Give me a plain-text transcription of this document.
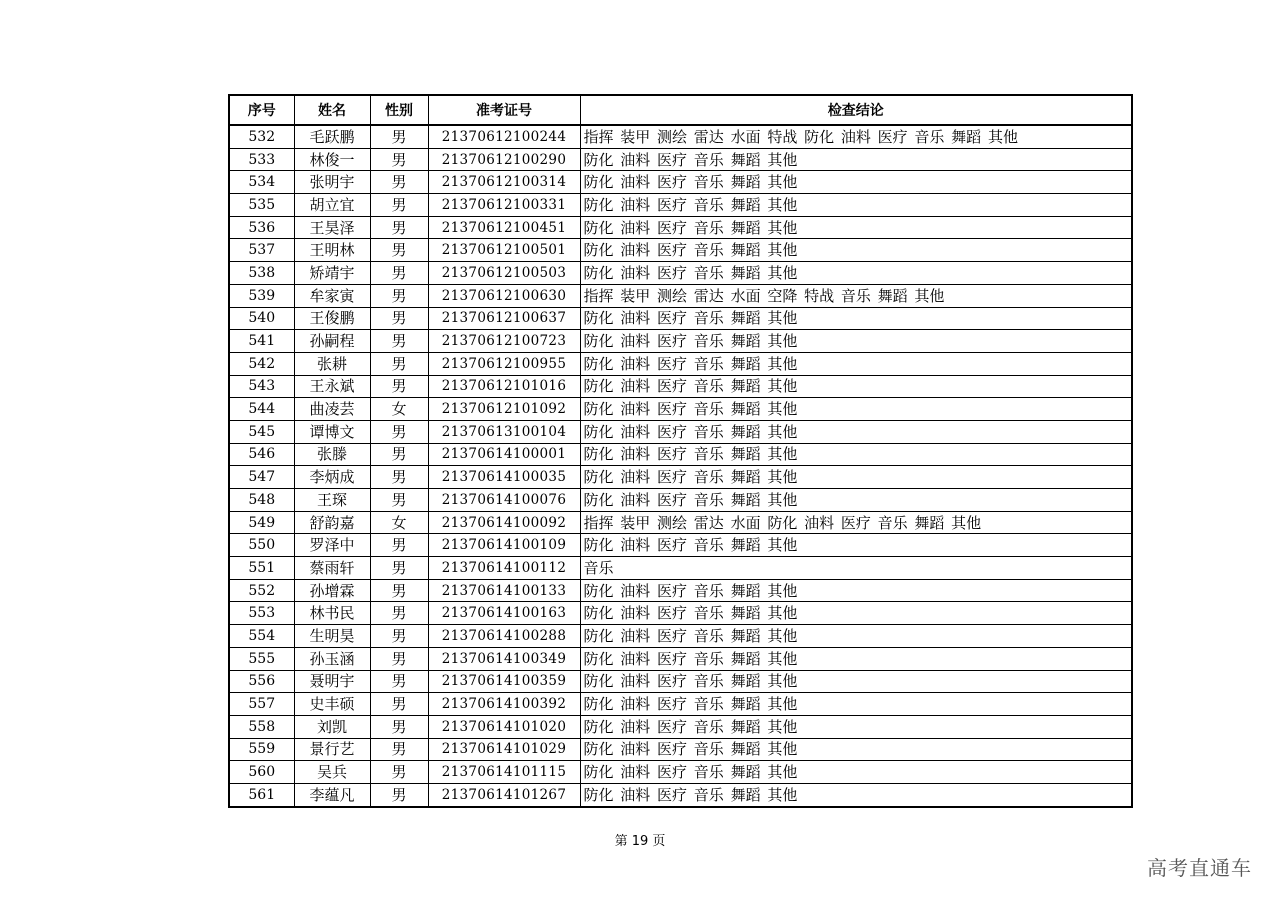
序号	姓名	性别	准考证号	检查结论
532	毛跃鹏	男	21370612100244	指挥 装甲 测绘 雷达 水面 特战 防化 油料 医疗 音乐 舞蹈 其他
533	林俊一	男	21370612100290	防化 油料 医疗 音乐 舞蹈 其他
534	张明宇	男	21370612100314	防化 油料 医疗 音乐 舞蹈 其他
535	胡立宜	男	21370612100331	防化 油料 医疗 音乐 舞蹈 其他
536	王昊泽	男	21370612100451	防化 油料 医疗 音乐 舞蹈 其他
537	王明林	男	21370612100501	防化 油料 医疗 音乐 舞蹈 其他
538	矫靖宇	男	21370612100503	防化 油料 医疗 音乐 舞蹈 其他
539	牟家寅	男	21370612100630	指挥 装甲 测绘 雷达 水面 空降 特战 音乐 舞蹈 其他
540	王俊鹏	男	21370612100637	防化 油料 医疗 音乐 舞蹈 其他
541	孙嗣程	男	21370612100723	防化 油料 医疗 音乐 舞蹈 其他
542	张耕	男	21370612100955	防化 油料 医疗 音乐 舞蹈 其他
543	王永斌	男	21370612101016	防化 油料 医疗 音乐 舞蹈 其他
544	曲凌芸	女	21370612101092	防化 油料 医疗 音乐 舞蹈 其他
545	谭博文	男	21370613100104	防化 油料 医疗 音乐 舞蹈 其他
546	张滕	男	21370614100001	防化 油料 医疗 音乐 舞蹈 其他
547	李炳成	男	21370614100035	防化 油料 医疗 音乐 舞蹈 其他
548	王琛	男	21370614100076	防化 油料 医疗 音乐 舞蹈 其他
549	舒韵嘉	女	21370614100092	指挥 装甲 测绘 雷达 水面 防化 油料 医疗 音乐 舞蹈 其他
550	罗泽中	男	21370614100109	防化 油料 医疗 音乐 舞蹈 其他
551	蔡雨轩	男	21370614100112	音乐
552	孙增霖	男	21370614100133	防化 油料 医疗 音乐 舞蹈 其他
553	林书民	男	21370614100163	防化 油料 医疗 音乐 舞蹈 其他
554	生明昊	男	21370614100288	防化 油料 医疗 音乐 舞蹈 其他
555	孙玉涵	男	21370614100349	防化 油料 医疗 音乐 舞蹈 其他
556	聂明宇	男	21370614100359	防化 油料 医疗 音乐 舞蹈 其他
557	史丰硕	男	21370614100392	防化 油料 医疗 音乐 舞蹈 其他
558	刘凯	男	21370614101020	防化 油料 医疗 音乐 舞蹈 其他
559	景行艺	男	21370614101029	防化 油料 医疗 音乐 舞蹈 其他
560	吴兵	男	21370614101115	防化 油料 医疗 音乐 舞蹈 其他
561	李蕴凡	男	21370614101267	防化 油料 医疗 音乐 舞蹈 其他
第 19 页
高考直通车
